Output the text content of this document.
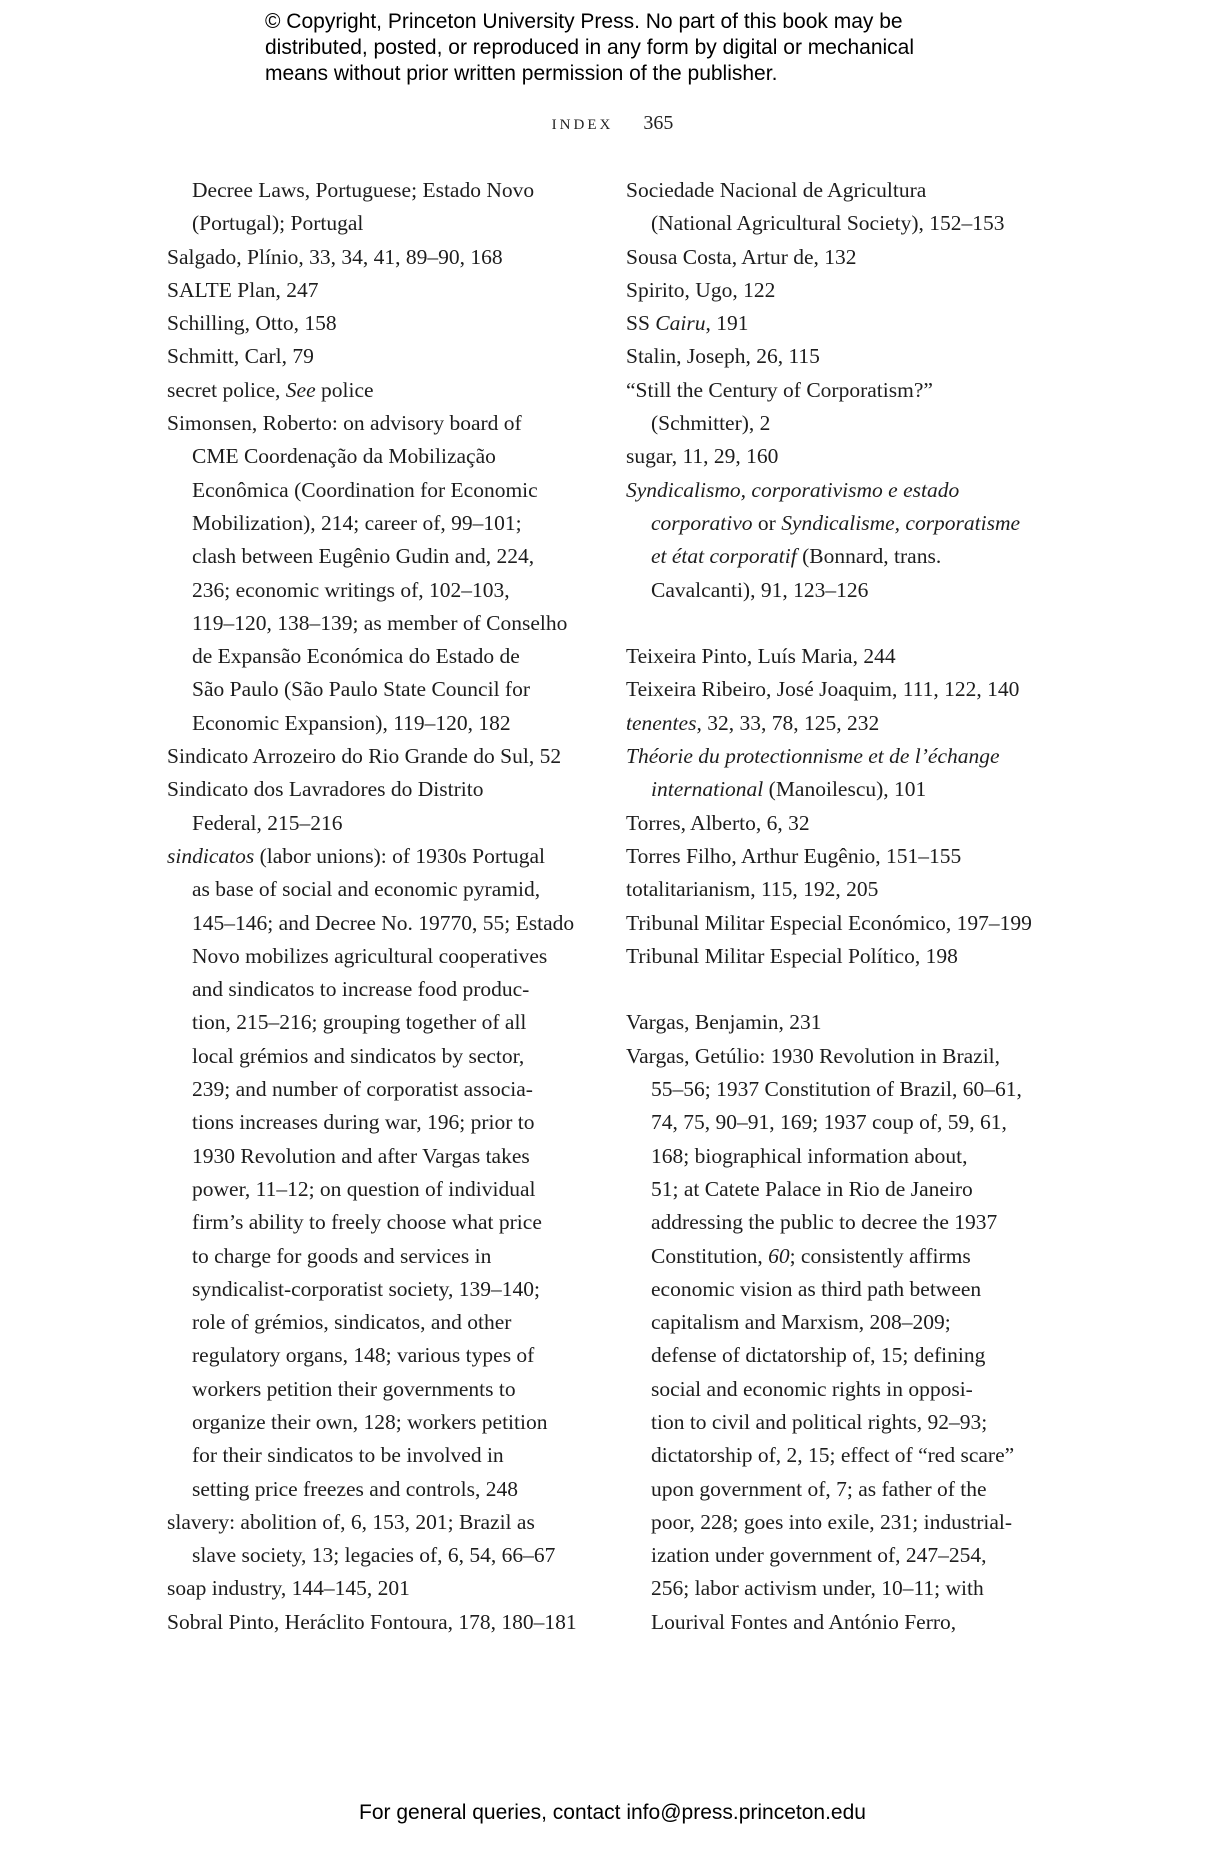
© Copyright, Princeton University Press. No part of this book may be
distributed, posted, or reproduced in any form by digital or mechanical
means without prior written permission of the publisher.
INDEX 365
Decree Laws, Portuguese; Estado Novo
(Portugal); Portugal
Salgado, Plínio, 33, 34, 41, 89–90, 168
SALTE Plan, 247
Schilling, Otto, 158
Schmitt, Carl, 79
secret police, See police
Simonsen, Roberto: on advisory board of
CME Coordenação da Mobilização
Econômica (Coordination for Economic
Mobilization), 214; career of, 99–101;
clash between Eugênio Gudin and, 224,
236; economic writings of, 102–103,
119–120, 138–139; as member of Conselho
de Expansão Económica do Estado de
São Paulo (São Paulo State Council for
Economic Expansion), 119–120, 182
Sindicato Arrozeiro do Rio Grande do Sul, 52
Sindicato dos Lavradores do Distrito
Federal, 215–216
sindicatos (labor unions): of 1930s Portugal
as base of social and economic pyramid,
145–146; and Decree No. 19770, 55; Estado
Novo mobilizes agricultural cooperatives
and sindicatos to increase food produc-
tion, 215–216; grouping together of all
local grémios and sindicatos by sector,
239; and number of corporatist associa-
tions increases during war, 196; prior to
1930 Revolution and after Vargas takes
power, 11–12; on question of individual
firm’s ability to freely choose what price
to charge for goods and services in
syndicalist-corporatist society, 139–140;
role of grémios, sindicatos, and other
regulatory organs, 148; various types of
workers petition their governments to
organize their own, 128; workers petition
for their sindicatos to be involved in
setting price freezes and controls, 248
slavery: abolition of, 6, 153, 201; Brazil as
slave society, 13; legacies of, 6, 54, 66–67
soap industry, 144–145, 201
Sobral Pinto, Heráclito Fontoura, 178, 180–181
Sociedade Nacional de Agricultura
(National Agricultural Society), 152–153
Sousa Costa, Artur de, 132
Spirito, Ugo, 122
SS Cairu, 191
Stalin, Joseph, 26, 115
“Still the Century of Corporatism?”
(Schmitter), 2
sugar, 11, 29, 160
Syndicalismo, corporativismo e estado
corporativo or Syndicalisme, corporatisme
et état corporatif (Bonnard, trans.
Cavalcanti), 91, 123–126
Teixeira Pinto, Luís Maria, 244
Teixeira Ribeiro, José Joaquim, 111, 122, 140
tenentes, 32, 33, 78, 125, 232
Théorie du protectionnisme et de l’échange
international (Manoilescu), 101
Torres, Alberto, 6, 32
Torres Filho, Arthur Eugênio, 151–155
totalitarianism, 115, 192, 205
Tribunal Militar Especial Económico, 197–199
Tribunal Militar Especial Político, 198
Vargas, Benjamin, 231
Vargas, Getúlio: 1930 Revolution in Brazil,
55–56; 1937 Constitution of Brazil, 60–61,
74, 75, 90–91, 169; 1937 coup of, 59, 61,
168; biographical information about,
51; at Catete Palace in Rio de Janeiro
addressing the public to decree the 1937
Constitution, 60; consistently affirms
economic vision as third path between
capitalism and Marxism, 208–209;
defense of dictatorship of, 15; defining
social and economic rights in opposi-
tion to civil and political rights, 92–93;
dictatorship of, 2, 15; effect of “red scare”
upon government of, 7; as father of the
poor, 228; goes into exile, 231; industrial-
ization under government of, 247–254,
256; labor activism under, 10–11; with
Lourival Fontes and António Ferro,
For general queries, contact info@press.princeton.edu
